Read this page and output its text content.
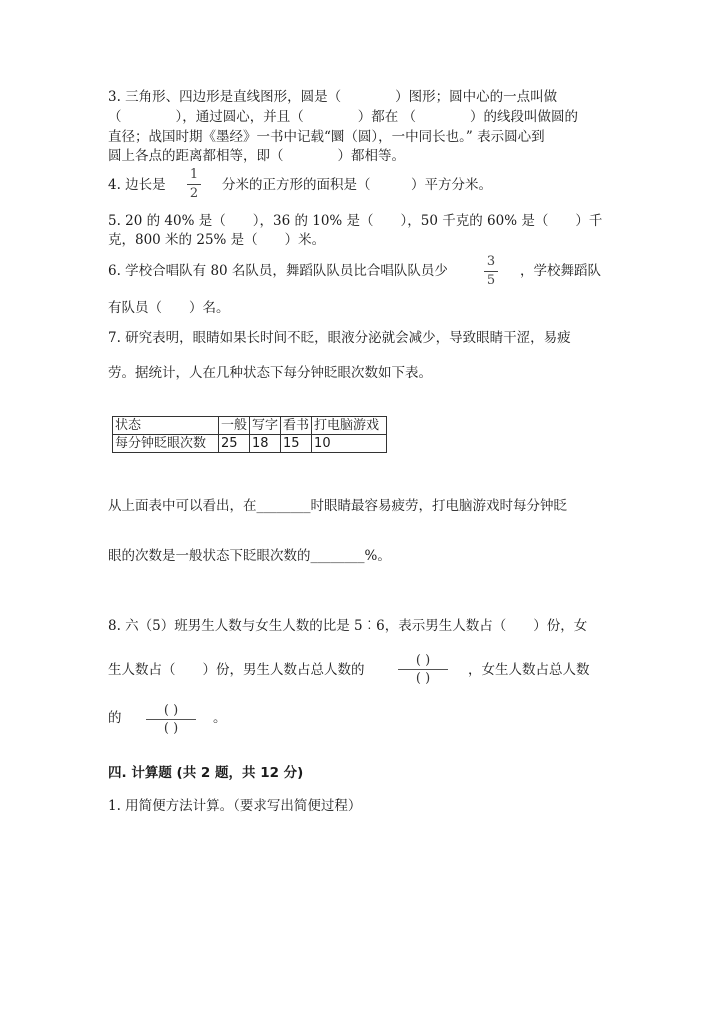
3. 三角形、四边形是直线图形，圆是（　　　　）图形；圆中心的一点叫做
（　　　　），通过圆心，并且（　　　　）都在 （　　　　）的线段叫做圆的
直径；战国时期《墨经》一书中记载“圜（圆），一中同长也。” 表示圆心到
圆上各点的距离都相等，即（　　　　）都相等。
4. 边长是
1
2
分米的正方形的面积是（　　　）平方分米。
5. 20 的 40% 是（　　），36 的 10% 是（　　），50 千克的 60% 是（　　）千
克，800 米的 25% 是（　　）米。
6. 学校合唱队有 80 名队员，舞蹈队队员比合唱队队员少
3
5
，学校舞蹈队
有队员（　　）名。
7. 研究表明，眼睛如果长时间不眨，眼液分泌就会减少，导致眼睛干涩，易疲
劳。据统计，人在几种状态下每分钟眨眼次数如下表。
状态	一般	写字	看书	打电脑游戏
每分钟眨眼次数	25	18	15	10
从上面表中可以看出，在________时眼睛最容易疲劳，打电脑游戏时每分钟眨
眼的次数是一般状态下眨眼次数的________%。
8. 六（5）班男生人数与女生人数的比是 5︰6，表示男生人数占（　　）份，女
生人数占（　　）份，男生人数占总人数的
( )
( )
，女生人数占总人数
的	( )
( )
。
四. 计算题 (共 2 题，共 12 分)
1. 用简便方法计算。（要求写出简便过程）
